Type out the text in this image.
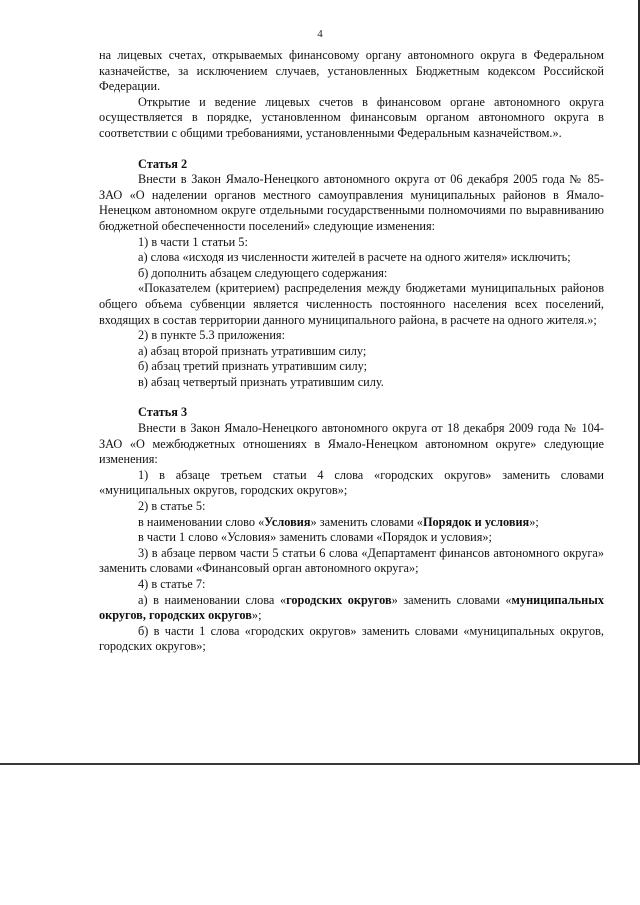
4

на лицевых счетах, открываемых финансовому органу автономного округа в Федеральном казначействе, за исключением случаев, установленных Бюджетным кодексом Российской Федерации.

Открытие и ведение лицевых счетов в финансовом органе автономного округа осуществляется в порядке, установленном финансовым органом автономного округа в соответствии с общими требованиями, установленными Федеральным казначейством.».

Статья 2

Внести в Закон Ямало-Ненецкого автономного округа от 06 декабря 2005 года № 85-ЗАО «О наделении органов местного самоуправления муниципальных районов в Ямало-Ненецком автономном округе отдельными государственными полномочиями по выравниванию бюджетной обеспеченности поселений» следующие изменения:

1) в части 1 статьи 5:

а) слова «исходя из численности жителей в расчете на одного жителя» исключить;

б) дополнить абзацем следующего содержания:

«Показателем (критерием) распределения между бюджетами муниципальных районов общего объема субвенции является численность постоянного населения всех поселений, входящих в состав территории данного муниципального района, в расчете на одного жителя.»;

2) в пункте 5.3 приложения:

а) абзац второй признать утратившим силу;

б) абзац третий признать утратившим силу;

в) абзац четвертый признать утратившим силу.

Статья 3

Внести в Закон Ямало-Ненецкого автономного округа от 18 декабря 2009 года № 104-ЗАО «О межбюджетных отношениях в Ямало-Ненецком автономном округе» следующие изменения:

1) в абзаце третьем статьи 4 слова «городских округов» заменить словами «муниципальных округов, городских округов»;

2) в статье 5:

в наименовании слово «Условия» заменить словами «Порядок и условия»;

в части 1 слово «Условия» заменить словами «Порядок и условия»;

3) в абзаце первом части 5 статьи 6 слова «Департамент финансов автономного округа» заменить словами «Финансовый орган автономного округа»;

4) в статье 7:

а) в наименовании слова «городских округов» заменить словами «муниципальных округов, городских округов»;

б) в части 1 слова «городских округов» заменить словами «муниципальных округов, городских округов»;
